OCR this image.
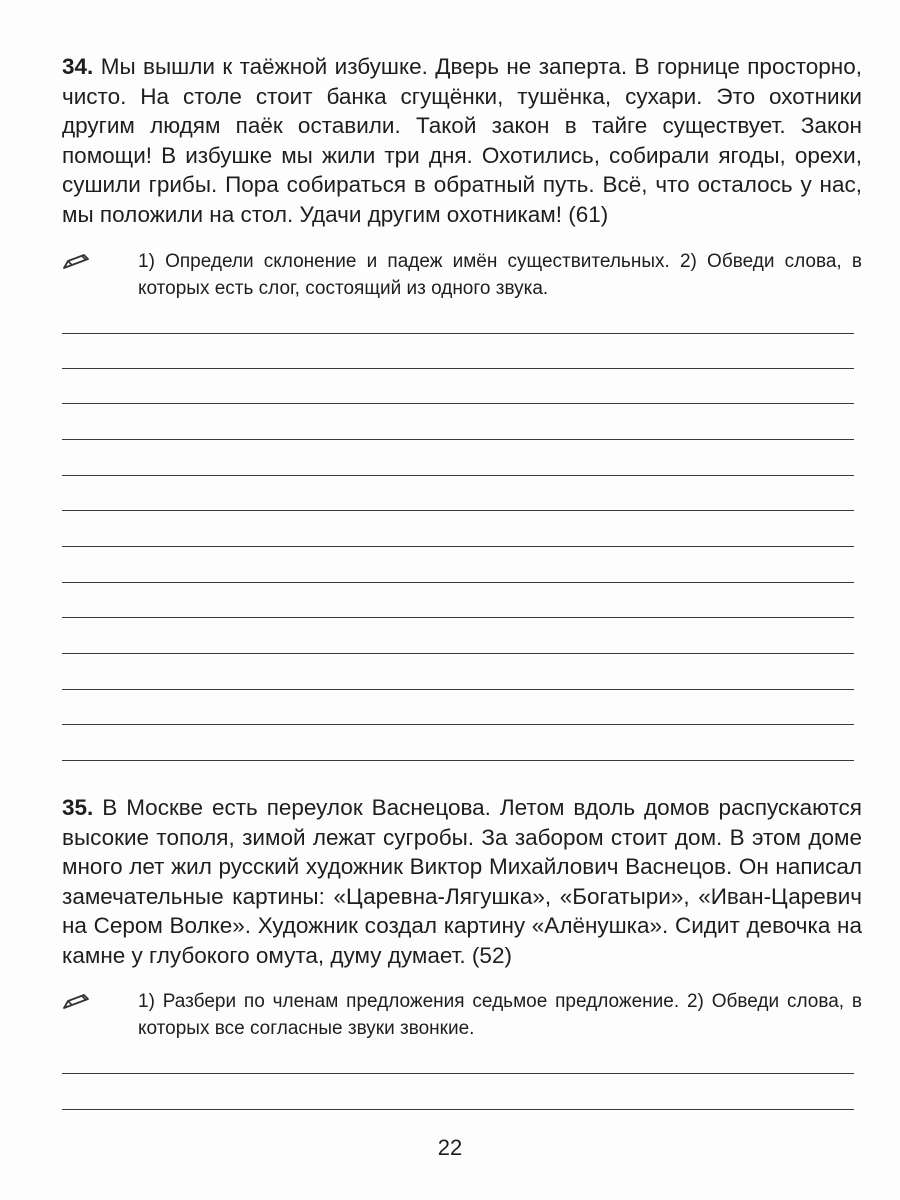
34. Мы вышли к таёжной избушке. Дверь не заперта. В горнице просторно, чисто. На столе стоит банка сгущёнки, тушёнка, сухари. Это охотники другим людям паёк оставили. Такой закон в тайге существует. Закон помощи! В избушке мы жили три дня. Охотились, собирали ягоды, орехи, сушили грибы. Пора собираться в обратный путь. Всё, что осталось у нас, мы положили на стол. Удачи другим охотникам! (61)

1) Определи склонение и падеж имён существительных. 2) Обведи слова, в которых есть слог, состоящий из одного звука.

35. В Москве есть переулок Васнецова. Летом вдоль домов распускаются высокие тополя, зимой лежат сугробы. За забором стоит дом. В этом доме много лет жил русский художник Виктор Михайлович Васнецов. Он написал замечательные картины: «Царевна-Лягушка», «Богатыри», «Иван-Царевич на Сером Волке». Художник создал картину «Алёнушка». Сидит девочка на камне у глубокого омута, думу думает. (52)

1) Разбери по членам предложения седьмое предложение. 2) Обведи слова, в которых все согласные звуки звонкие.

22
